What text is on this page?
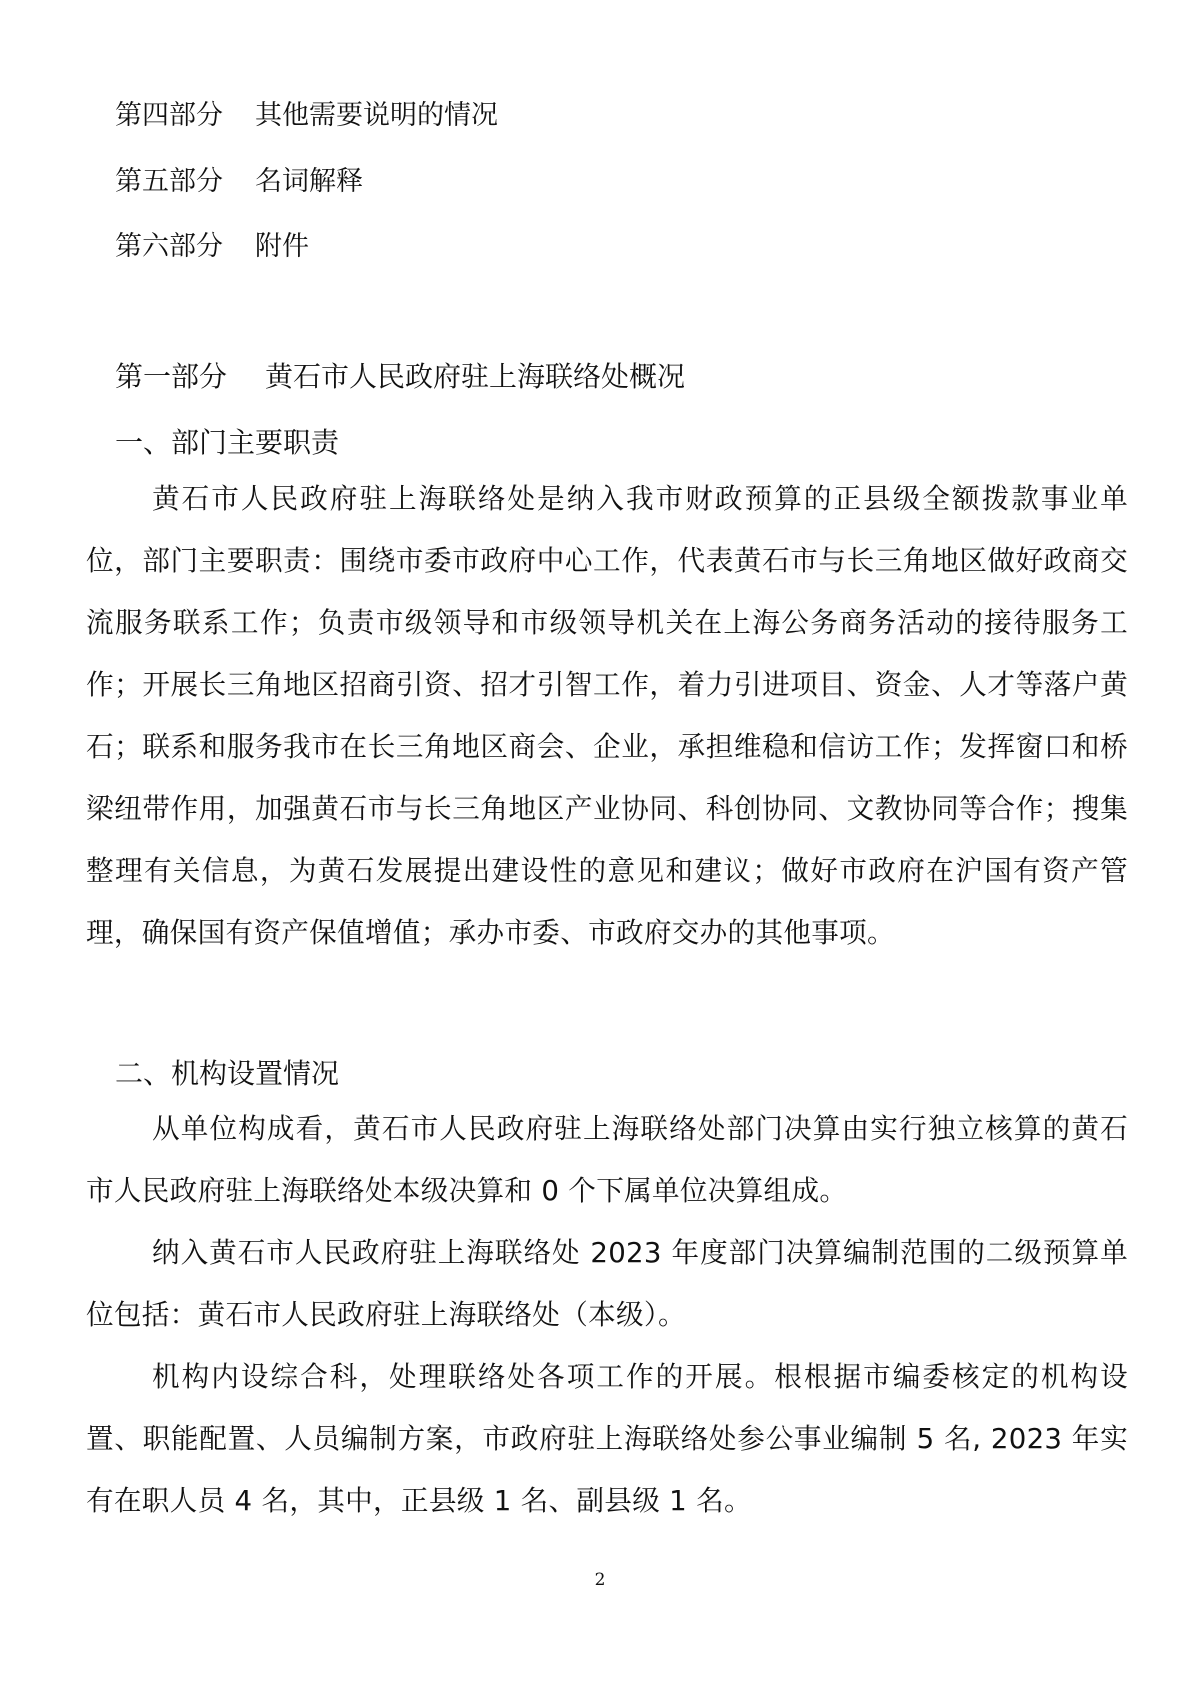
第四部分 其他需要说明的情况
第五部分 名词解释
第六部分 附件
第一部分 黄石市人民政府驻上海联络处概况
一、部门主要职责

黄石市人民政府驻上海联络处是纳入我市财政预算的正县级全额拨款事业单位，部门主要职责：围绕市委市政府中心工作，代表黄石市与长三角地区做好政商交流服务联系工作；负责市级领导和市级领导机关在上海公务商务活动的接待服务工作；开展长三角地区招商引资、招才引智工作，着力引进项目、资金、人才等落户黄石；联系和服务我市在长三角地区商会、企业，承担维稳和信访工作；发挥窗口和桥梁纽带作用，加强黄石市与长三角地区产业协同、科创协同、文教协同等合作；搜集整理有关信息，为黄石发展提出建设性的意见和建议；做好市政府在沪国有资产管理，确保国有资产保值增值；承办市委、市政府交办的其他事项。

二、机构设置情况

从单位构成看，黄石市人民政府驻上海联络处部门决算由实行独立核算的黄石市人民政府驻上海联络处本级决算和 0 个下属单位决算组成。

纳入黄石市人民政府驻上海联络处 2023 年度部门决算编制范围的二级预算单位包括：黄石市人民政府驻上海联络处（本级）。

机构内设综合科，处理联络处各项工作的开展。根根据市编委核定的机构设置、职能配置、人员编制方案，市政府驻上海联络处参公事业编制 5 名, 2023 年实有在职人员 4 名，其中，正县级 1 名、副县级 1 名。

2
